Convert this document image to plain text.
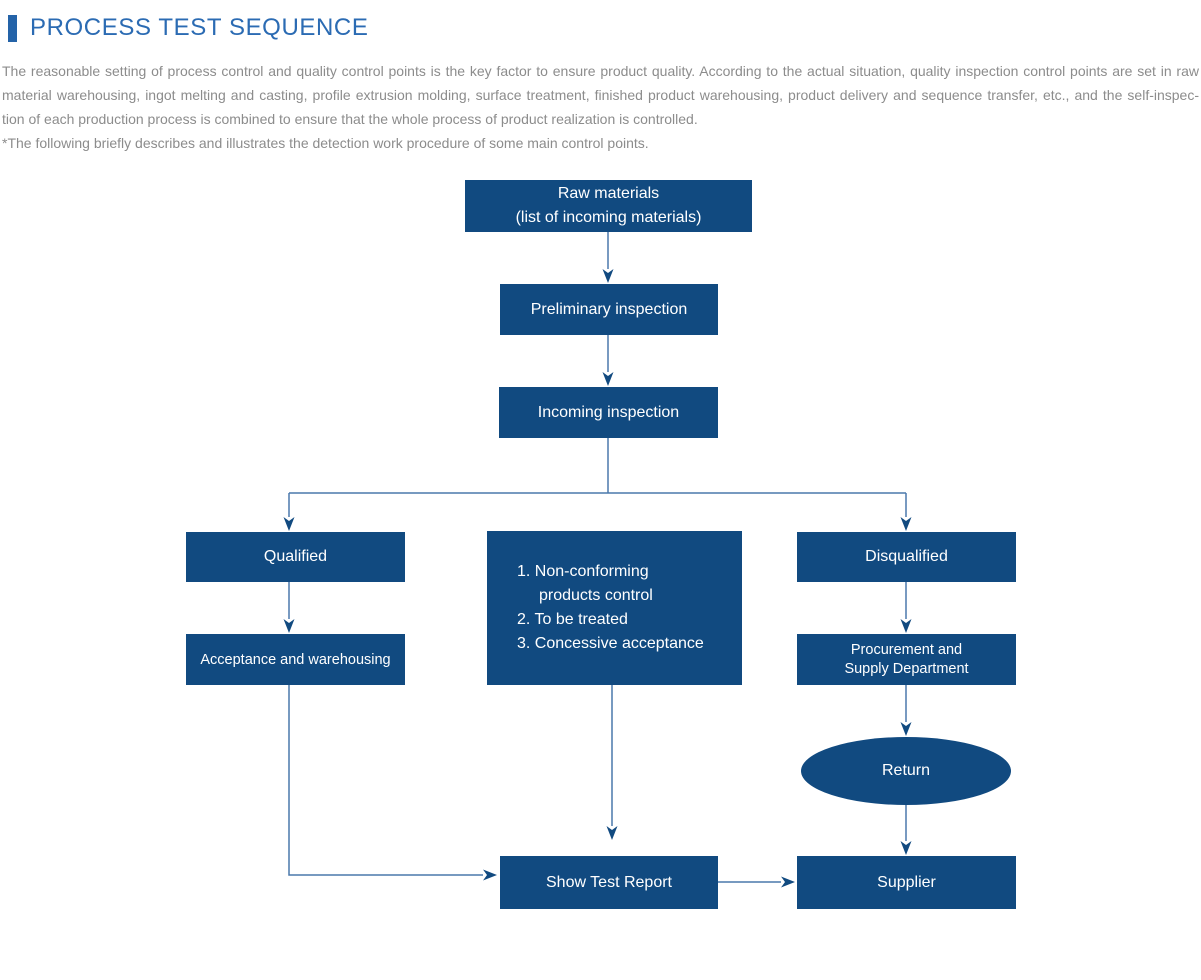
PROCESS TEST SEQUENCE
The reasonable setting of process control and quality control points is the key factor to ensure product quality. According to the actual situation, quality inspection control points are set in raw
material warehousing, ingot melting and casting, profile extrusion molding, surface treatment, finished product warehousing, product delivery and sequence transfer, etc., and the self-inspec-
tion of each production process is combined to ensure that the whole process of product realization is controlled.
*The following briefly describes and illustrates the detection work procedure of some main control points.
Raw materials
(list of incoming materials)
Preliminary inspection
Incoming inspection
Qualified
1. Non-conforming
products control
2. To be treated
3. Concessive acceptance
Disqualified
Acceptance and warehousing
Procurement and
Supply Department
Return
Show Test Report	Supplier
